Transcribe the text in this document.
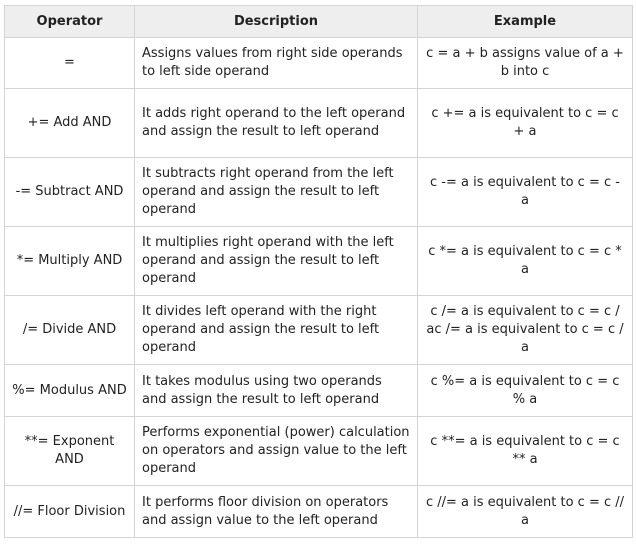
Operator	Description	Example
=	Assigns values from right side operands to left side operand	c = a + b assigns value of a + b into c
+= Add AND	It adds right operand to the left operand and assign the result to left operand	c += a is equivalent to c = c + a
-= Subtract AND	It subtracts right operand from the left operand and assign the result to left operand	c -= a is equivalent to c = c - a
*= Multiply AND	It multiplies right operand with the left operand and assign the result to left operand	c *= a is equivalent to c = c * a
/= Divide AND	It divides left operand with the right operand and assign the result to left operand	c /= a is equivalent to c = c / ac /= a is equivalent to c = c / a
%= Modulus AND	It takes modulus using two operands and assign the result to left operand	c %= a is equivalent to c = c % a
**= Exponent AND	Performs exponential (power) calculation on operators and assign value to the left operand	c **= a is equivalent to c = c ** a
//= Floor Division	It performs floor division on operators and assign value to the left operand	c //= a is equivalent to c = c // a
